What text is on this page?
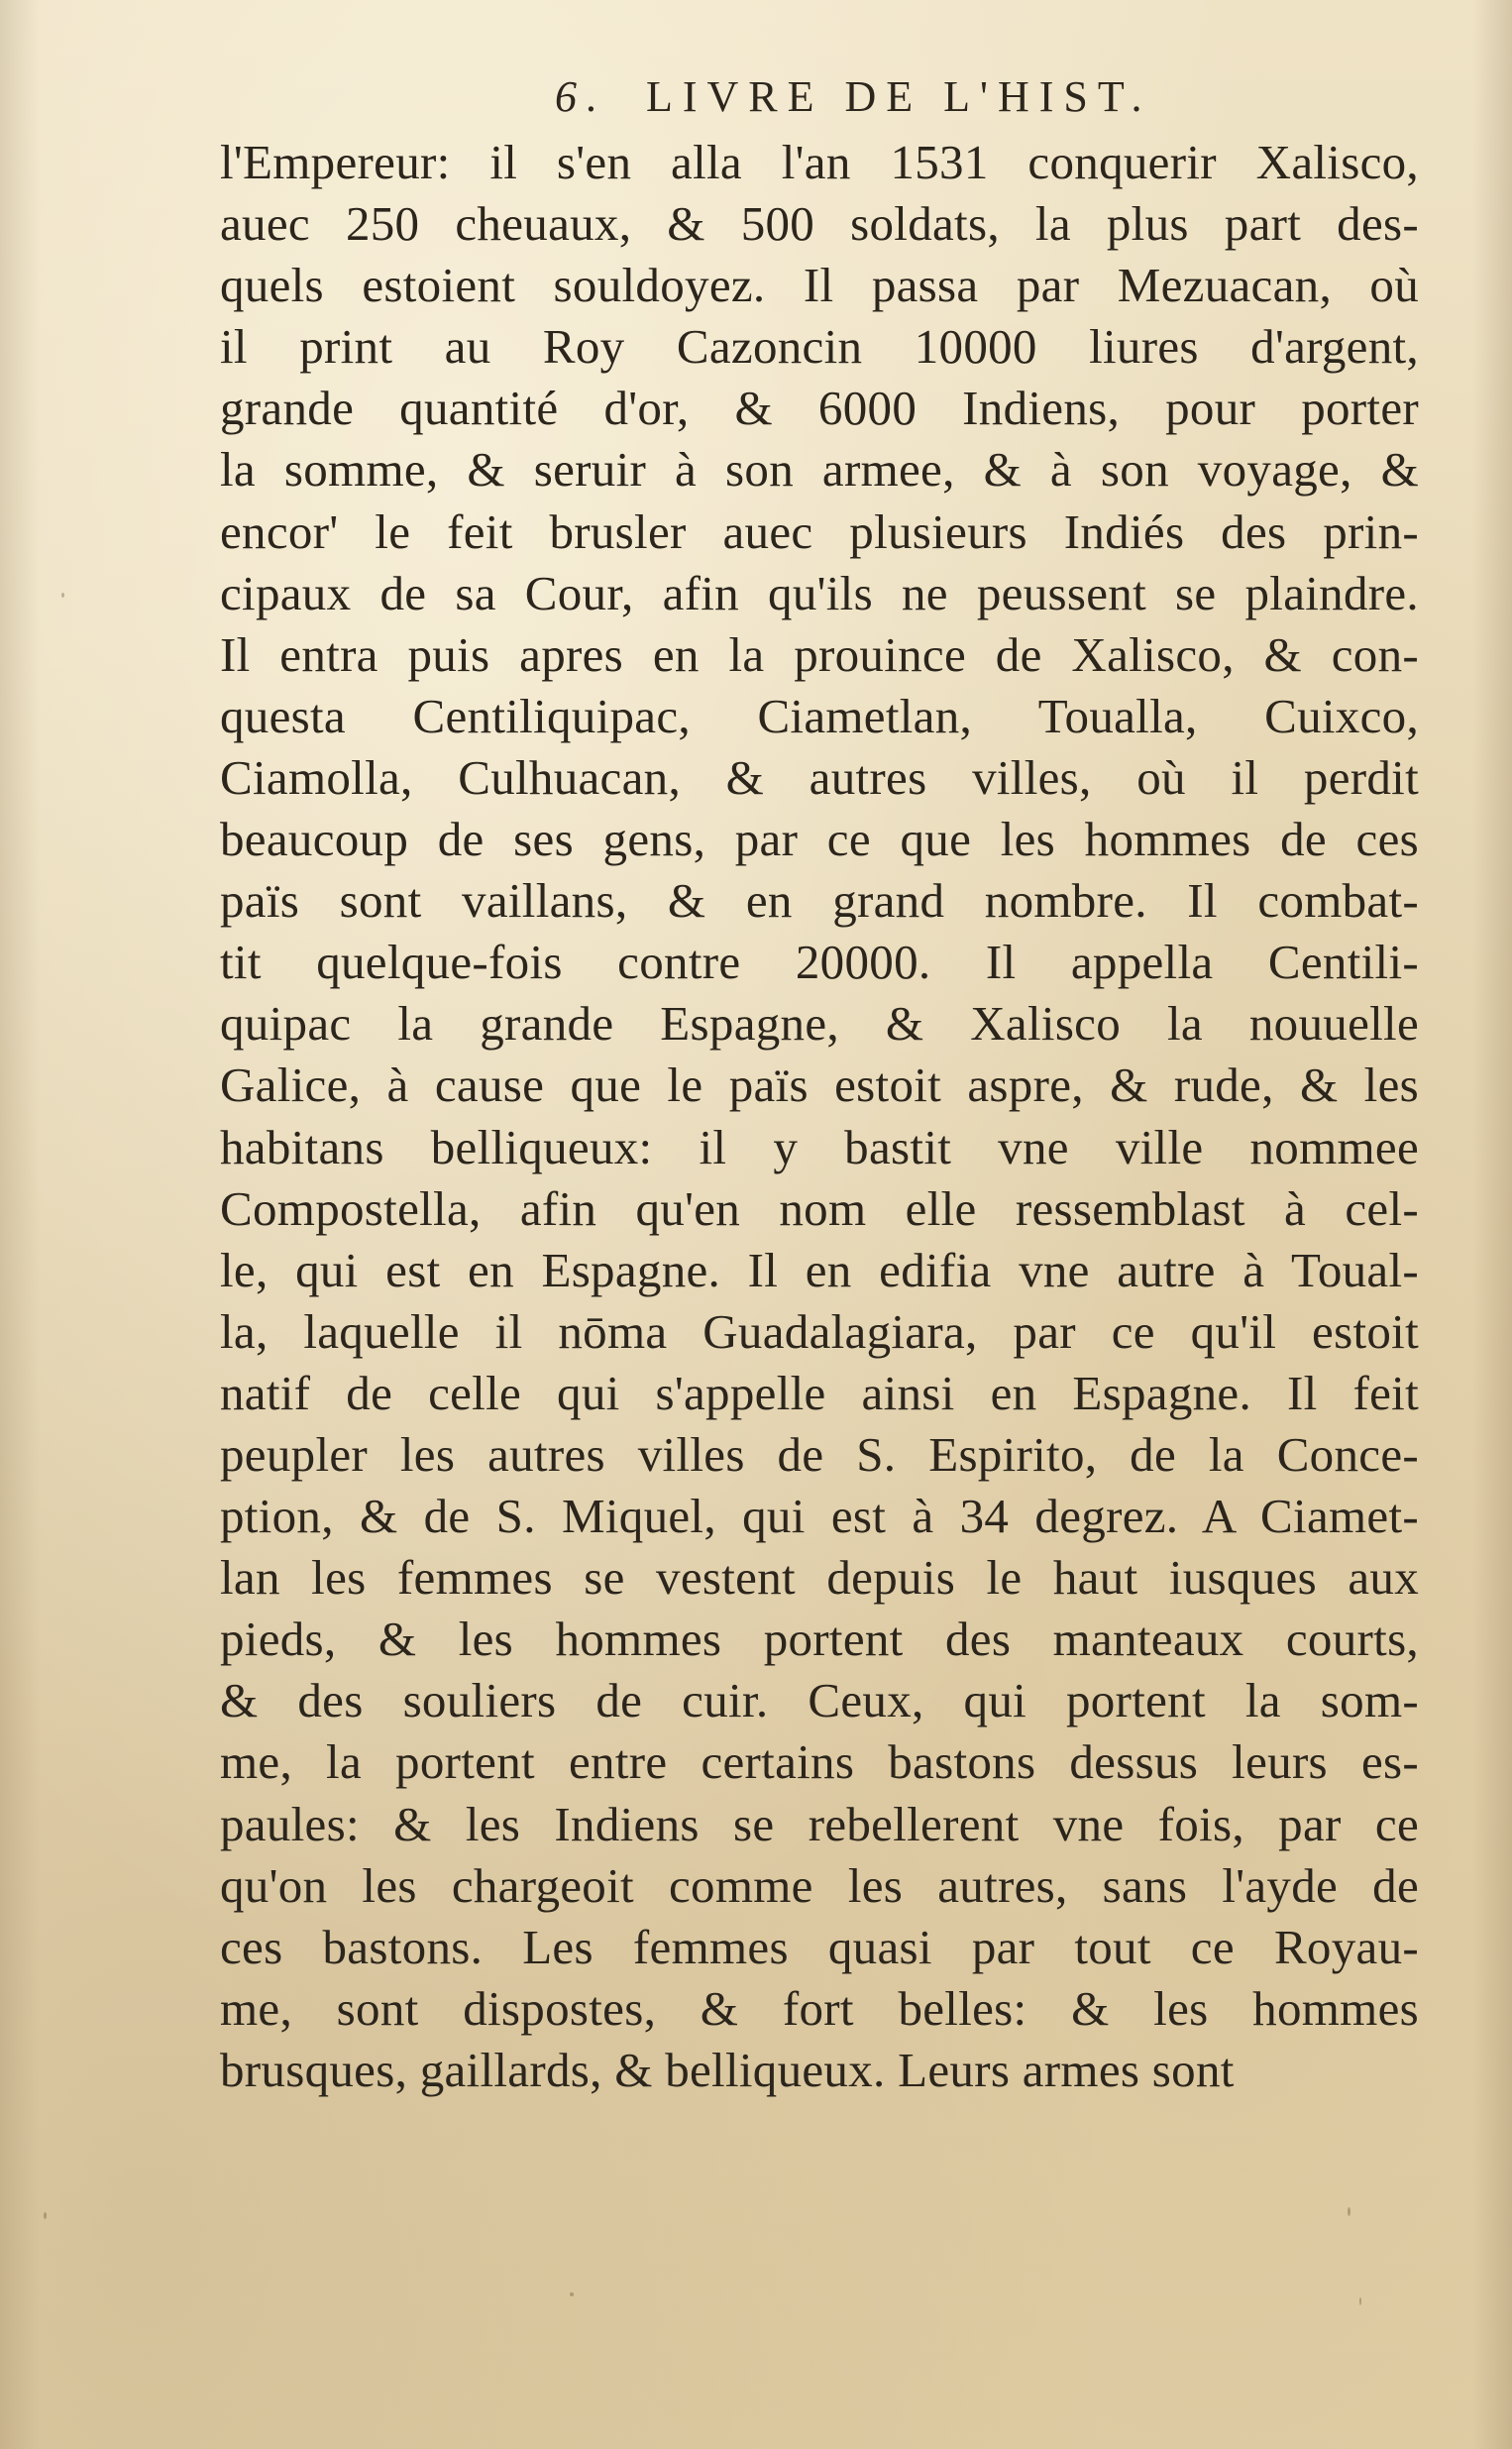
6. LIVRE DE L'HIST.
l'Empereur: il s'en alla l'an 1531 conquerir Xalisco,
auec 250 cheuaux, & 500 soldats, la plus part des-
quels estoient souldoyez. Il passa par Mezuacan, où
il print au Roy Cazoncin 10000 liures d'argent,
grande quantité d'or, & 6000 Indiens, pour porter
la somme, & seruir à son armee, & à son voyage, &
encor' le feit brusler auec plusieurs Indiés des prin-
cipaux de sa Cour, afin qu'ils ne peussent se plaindre.
Il entra puis apres en la prouince de Xalisco, & con-
questa Centiliquipac, Ciametlan, Toualla, Cuixco,
Ciamolla, Culhuacan, & autres villes, où il perdit
beaucoup de ses gens, par ce que les hommes de ces
païs sont vaillans, & en grand nombre. Il combat-
tit quelque-fois contre 20000. Il appella Centili-
quipac la grande Espagne, & Xalisco la nouuelle
Galice, à cause que le païs estoit aspre, & rude, & les
habitans belliqueux: il y bastit vne ville nommee
Compostella, afin qu'en nom elle ressemblast à cel-
le, qui est en Espagne. Il en edifia vne autre à Toual-
la, laquelle il nōma Guadalagiara, par ce qu'il estoit
natif de celle qui s'appelle ainsi en Espagne. Il feit
peupler les autres villes de S. Espirito, de la Conce-
ption, & de S. Miquel, qui est à 34 degrez. A Ciamet-
lan les femmes se vestent depuis le haut iusques aux
pieds, & les hommes portent des manteaux courts,
& des souliers de cuir. Ceux, qui portent la som-
me, la portent entre certains bastons dessus leurs es-
paules: & les Indiens se rebellerent vne fois, par ce
qu'on les chargeoit comme les autres, sans l'ayde de
ces bastons. Les femmes quasi par tout ce Royau-
me, sont dispostes, & fort belles: & les hommes
brusques, gaillards, & belliqueux. Leurs armes sont
